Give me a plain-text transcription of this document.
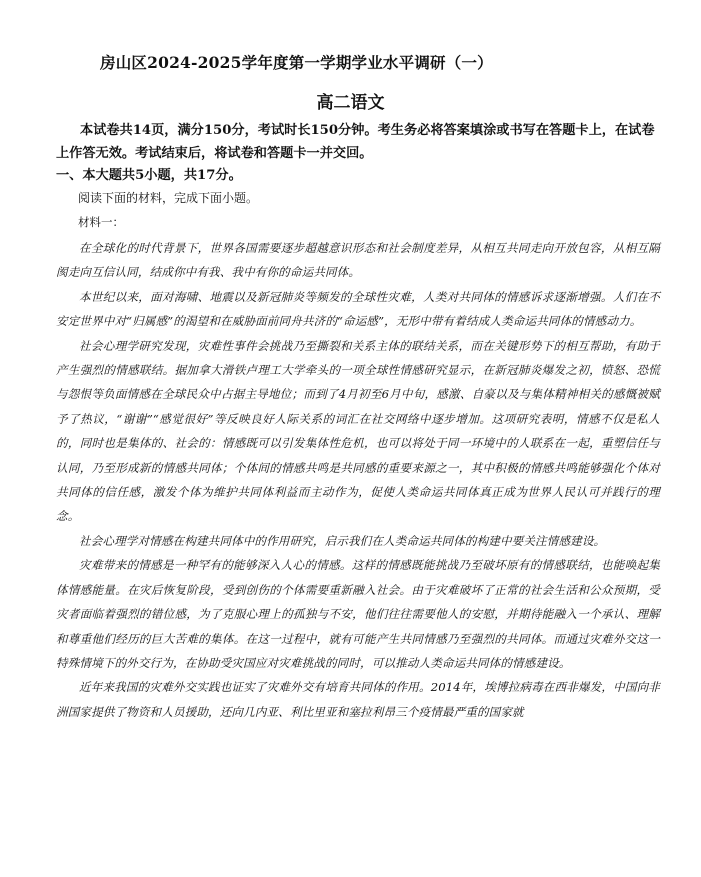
房山区2024-2025学年度第一学期学业水平调研（一）
高二语文

本试卷共14页，满分150分，考试时长150分钟。考生务必将答案填涂或书写在答题卡上，在试卷上作答无效。考试结束后，将试卷和答题卡一并交回。

一、本大题共5小题，共17分。

阅读下面的材料，完成下面小题。

材料一：

在全球化的时代背景下，世界各国需要逐步超越意识形态和社会制度差异，从相互共同走向开放包容，从相互隔阂走向互信认同，结成你中有我、我中有你的命运共同体。

本世纪以来，面对海啸、地震以及新冠肺炎等频发的全球性灾难，人类对共同体的情感诉求逐渐增强。人们在不安定世界中对“归属感”的渴望和在威胁面前同舟共济的“命运感”，无形中带有着结成人类命运共同体的情感动力。

社会心理学研究发现，灾难性事件会挑战乃至撕裂和关系主体的联结关系，而在关键形势下的相互帮助，有助于产生强烈的情感联结。据加拿大滑铁卢理工大学牵头的一项全球性情感研究显示，在新冠肺炎爆发之初，愤怒、恐慌与怨恨等负面情感在全球民众中占据主导地位；而到了4月初至6月中旬，感激、自豪以及与集体精神相关的感慨被赋予了热议，“谢谢”“感觉很好”等反映良好人际关系的词汇在社交网络中逐步增加。这项研究表明，情感不仅是私人的，同时也是集体的、社会的：情感既可以引发集体性危机，也可以将处于同一环境中的人联系在一起，重塑信任与认同，乃至形成新的情感共同体；个体间的情感共鸣是共同感的重要来源之一，其中积极的情感共鸣能够强化个体对共同体的信任感，激发个体为维护共同体利益而主动作为，促使人类命运共同体真正成为世界人民认可并践行的理念。

社会心理学对情感在构建共同体中的作用研究，启示我们在人类命运共同体的构建中要关注情感建设。

灾难带来的情感是一种罕有的能够深入人心的情感。这样的情感既能挑战乃至破坏原有的情感联结，也能唤起集体情感能量。在灾后恢复阶段，受到创伤的个体需要重新融入社会。由于灾难破坏了正常的社会生活和公众预期，受灾者面临着强烈的错位感，为了克服心理上的孤独与不安，他们往往需要他人的安慰，并期待能融入一个承认、理解和尊重他们经历的巨大苦难的集体。在这一过程中，就有可能产生共同情感乃至强烈的共同体。而通过灾难外交这一特殊情境下的外交行为，在协助受灾国应对灾难挑战的同时，可以推动人类命运共同体的情感建设。

近年来我国的灾难外交实践也证实了灾难外交有培育共同体的作用。2014年，埃博拉病毒在西非爆发，中国向非洲国家提供了物资和人员援助，还向几内亚、利比里亚和塞拉利昂三个疫情最严重的国家就
